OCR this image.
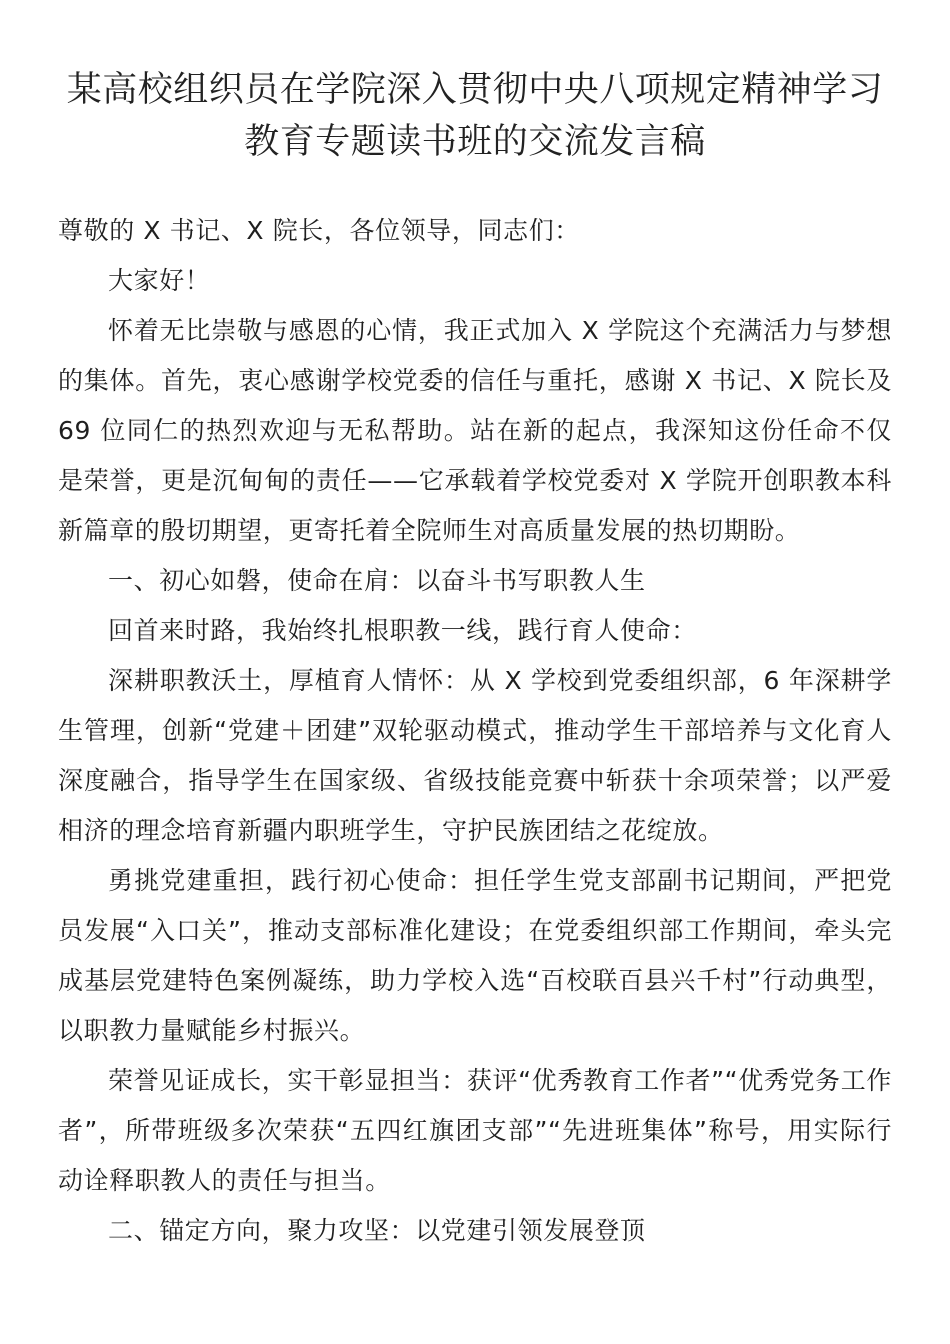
某高校组织员在学院深入贯彻中央八项规定精神学习
教育专题读书班的交流发言稿

尊敬的 X 书记、X 院长，各位领导，同志们：

大家好！

怀着无比崇敬与感恩的心情，我正式加入 X 学院这个充满活力与梦想的集体。首先，衷心感谢学校党委的信任与重托，感谢 X 书记、X 院长及 69 位同仁的热烈欢迎与无私帮助。站在新的起点，我深知这份任命不仅是荣誉，更是沉甸甸的责任——它承载着学校党委对 X 学院开创职教本科新篇章的殷切期望，更寄托着全院师生对高质量发展的热切期盼。

一、初心如磐，使命在肩：以奋斗书写职教人生

回首来时路，我始终扎根职教一线，践行育人使命：

深耕职教沃土，厚植育人情怀：从 X 学校到党委组织部，6 年深耕学生管理，创新“党建＋团建”双轮驱动模式，推动学生干部培养与文化育人深度融合，指导学生在国家级、省级技能竞赛中斩获十余项荣誉；以严爱相济的理念培育新疆内职班学生，守护民族团结之花绽放。

勇挑党建重担，践行初心使命：担任学生党支部副书记期间，严把党员发展“入口关”，推动支部标准化建设；在党委组织部工作期间，牵头完成基层党建特色案例凝练，助力学校入选“百校联百县兴千村”行动典型，以职教力量赋能乡村振兴。

荣誉见证成长，实干彰显担当：获评“优秀教育工作者”“优秀党务工作者”，所带班级多次荣获“五四红旗团支部”“先进班集体”称号，用实际行动诠释职教人的责任与担当。

二、锚定方向，聚力攻坚：以党建引领发展登顶
